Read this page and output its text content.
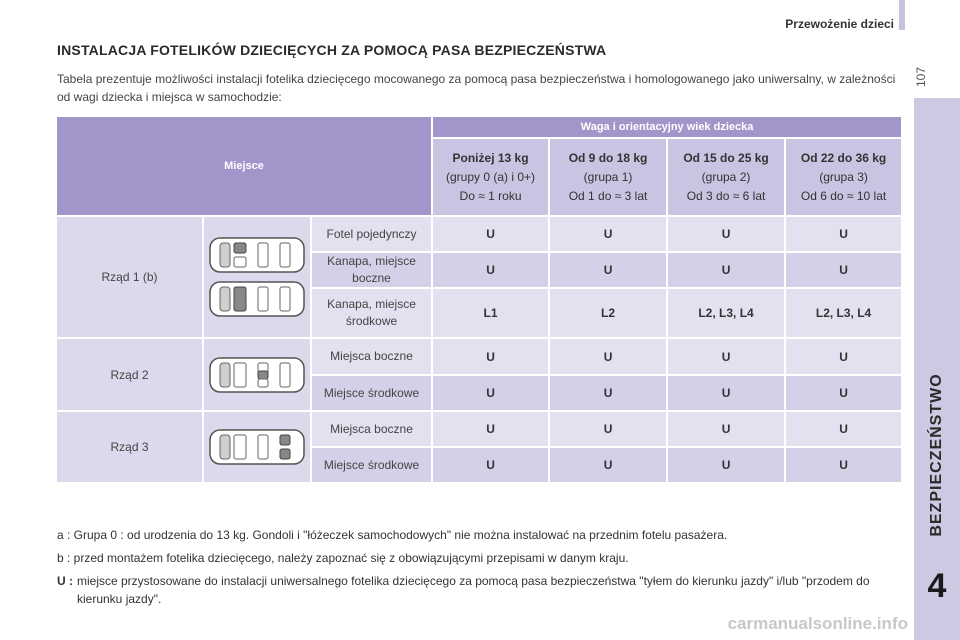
Przewożenie dzieci
107
BEZPIECZEŃSTWO
4
INSTALACJA FOTELIKÓW DZIECIĘCYCH ZA POMOCĄ PASA BEZPIECZEŃSTWA
Tabela prezentuje możliwości instalacji fotelika dziecięcego mocowanego za pomocą pasa bezpieczeństwa i homologowanego jako uniwersalny, w zależności od wagi dziecka i miejsca w samochodzie:
Miejsce			Waga i orientacyjny wiek dziecka			
			Poniżej 13 kg
(grupy 0 (a) i 0+)
Do ≈ 1 roku	Od 9 do 18 kg
(grupa 1)
Od 1 do ≈ 3 lat	Od 15 do 25 kg
(grupa 2)
Od 3 do ≈ 6 lat	Od 22 do 36 kg
(grupa 3)
Od 6 do ≈ 10 lat
Rząd 1 (b)		Fotel pojedynczy	U	U	U	U
		Kanapa, miejsce boczne	U	U	U	U
		Kanapa, miejsce środkowe	L1	L2	L2, L3, L4	L2, L3, L4
Rząd 2		Miejsca boczne	U	U	U	U
		Miejsce środkowe	U	U	U	U
Rząd 3		Miejsca boczne	U	U	U	U
		Miejsce środkowe	U	U	U	U

a : Grupa 0 : od urodzenia do 13 kg. Gondoli i "łóżeczek samochodowych" nie można instalować na przednim fotelu pasażera.

b : przed montażem fotelika dziecięcego, należy zapoznać się z obowiązującymi przepisami w danym kraju.

U : miejsce przystosowane do instalacji uniwersalnego fotelika dziecięcego za pomocą pasa bezpieczeństwa "tyłem do kierunku jazdy" i/lub "przodem do kierunku jazdy".
carmanualsonline.info
